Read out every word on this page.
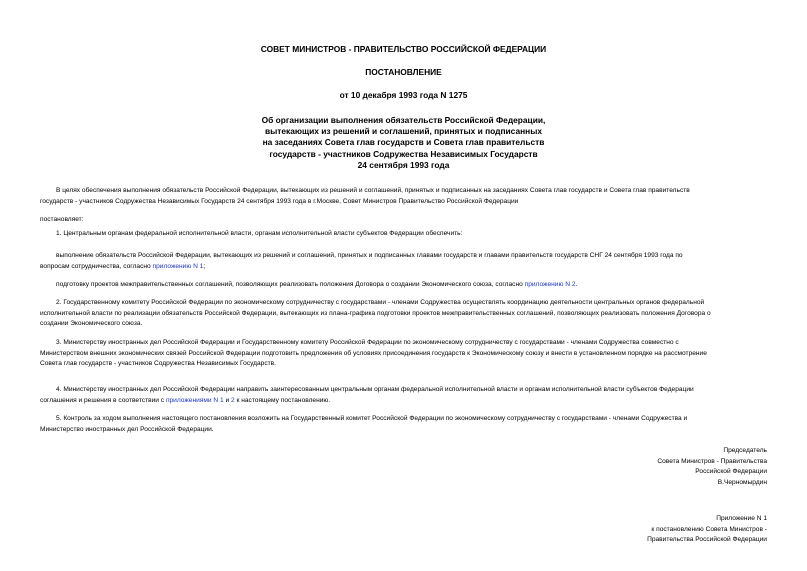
СОВЕТ МИНИСТРОВ - ПРАВИТЕЛЬСТВО РОССИЙСКОЙ ФЕДЕРАЦИИ
ПОСТАНОВЛЕНИЕ
от 10 декабря 1993 года N 1275
Об организации выполнения обязательств Российской Федерации,
вытекающих из решений и соглашений, принятых и подписанных
на заседаниях Совета глав государств и Совета глав правительств
государств - участников Содружества Независимых Государств
24 сентября 1993 года
В целях обеспечения выполнения обязательств Российской Федерации, вытекающих из решений и соглашений, принятых и подписанных на заседаниях Совета глав государств и Совета глав правительств
государств - участников Содружества Независимых Государств 24 сентября 1993 года в г.Москве, Совет Министров Правительство Российской Федерации
постановляет:
1. Центральным органам федеральной исполнительной власти, органам исполнительной власти субъектов Федерации обеспечить:
выполнение обязательств Российской Федерации, вытекающих из решений и соглашений, принятых и подписанных главами государств и главами правительств государств СНГ 24 сентября 1993 года по
вопросам сотрудничества, согласно приложению N 1;
подготовку проектов межправительственных соглашений, позволяющих реализовать положения Договора о создании Экономического союза, согласно приложению N 2.
2. Государственному комитету Российской Федерации по экономическому сотрудничеству с государствами - членами Содружества осуществлять координацию деятельности центральных органов федеральной
исполнительной власти по реализации обязательств Российской Федерации, вытекающих из плана-графика подготовки проектов межправительственных соглашений, позволяющих реализовать положения Договора о
создании Экономического союза.
3. Министерству иностранных дел Российской Федерации и Государственному комитету Российской Федерации по экономическому сотрудничеству с государствами - членами Содружества совместно с
Министерством внешних экономических связей Российской Федерации подготовить предложения об условиях присоединения государств к Экономическому союзу и внести в установленном порядке на рассмотрение
Совета глав государств - участников Содружества Независимых Государств.
4. Министерству иностранных дел Российской Федерации направить заинтересованным центральным органам федеральной исполнительной власти и органам исполнительной власти субъектов Федерации
соглашения и решения в соответствии с приложениями N 1 и 2 к настоящему постановлению.
5. Контроль за ходом выполнения настоящего постановления возложить на Государственный комитет Российской Федерации по экономическому сотрудничеству с государствами - членами Содружества и
Министерство иностранных дел Российской Федерации.
Председатель
Совета Министров - Правительства
Российской Федерации
В.Черномырдин
Приложение N 1
к постановлению Совета Министров -
Правительства Российской Федерации
